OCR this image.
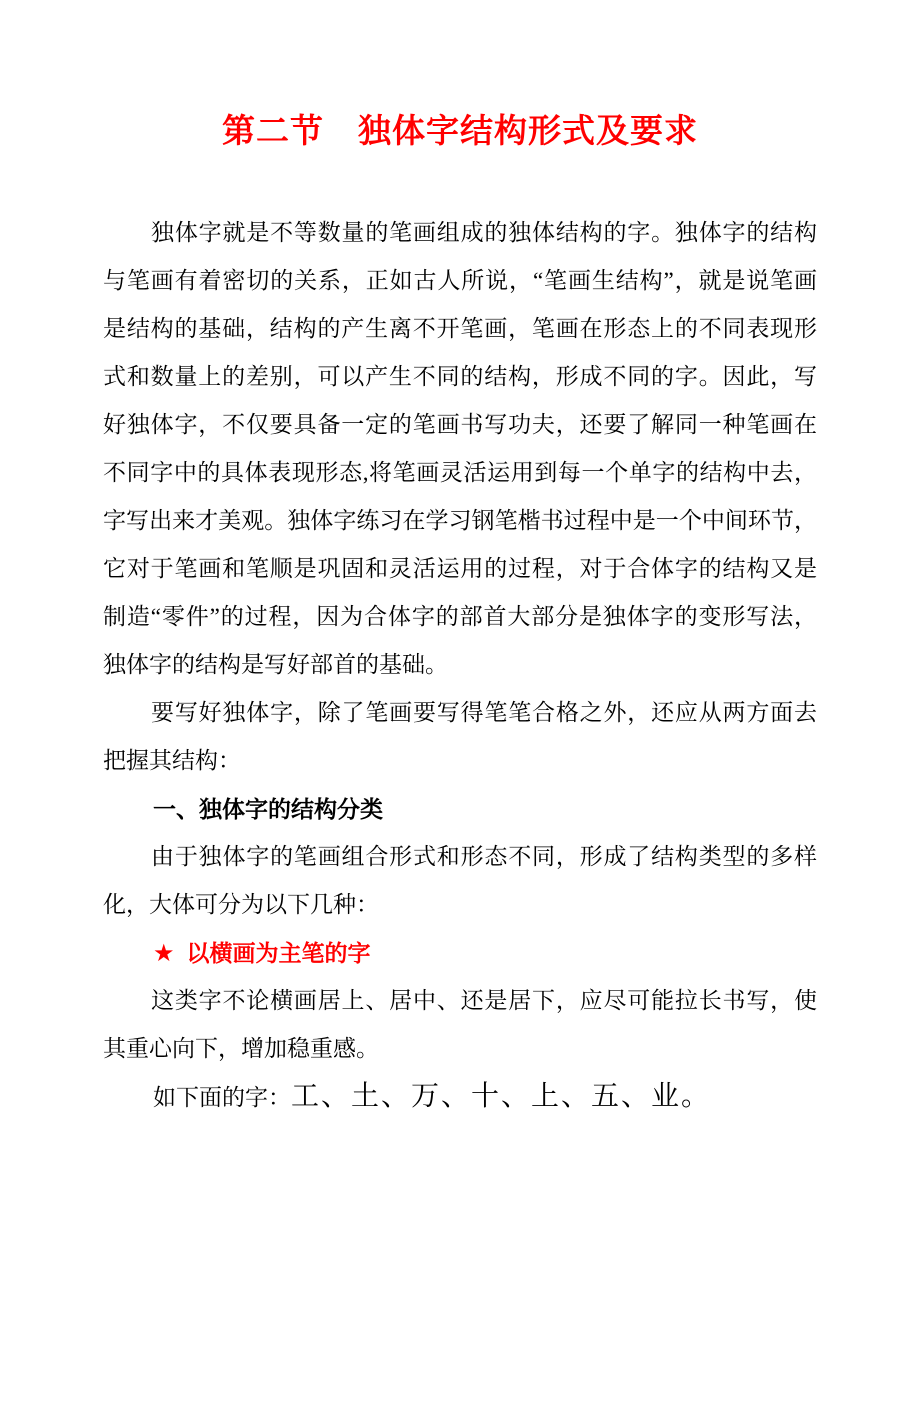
第二节　独体字结构形式及要求
独体字就是不等数量的笔画组成的独体结构的字。独体字的结构
与笔画有着密切的关系，正如古人所说，“笔画生结构”，就是说笔画
是结构的基础，结构的产生离不开笔画，笔画在形态上的不同表现形
式和数量上的差别，可以产生不同的结构，形成不同的字。因此，写
好独体字，不仅要具备一定的笔画书写功夫，还要了解同一种笔画在
不同字中的具体表现形态,将笔画灵活运用到每一个单字的结构中去，
字写出来才美观。独体字练习在学习钢笔楷书过程中是一个中间环节，
它对于笔画和笔顺是巩固和灵活运用的过程，对于合体字的结构又是
制造“零件”的过程，因为合体字的部首大部分是独体字的变形写法，
独体字的结构是写好部首的基础。
要写好独体字，除了笔画要写得笔笔合格之外，还应从两方面去
把握其结构：
一、独体字的结构分类
由于独体字的笔画组合形式和形态不同，形成了结构类型的多样
化，大体可分为以下几种：
★ 以横画为主笔的字
这类字不论横画居上、居中、还是居下，应尽可能拉长书写，使
其重心向下，增加稳重感。
如下面的字：工、土、万、十、上、五、业。
